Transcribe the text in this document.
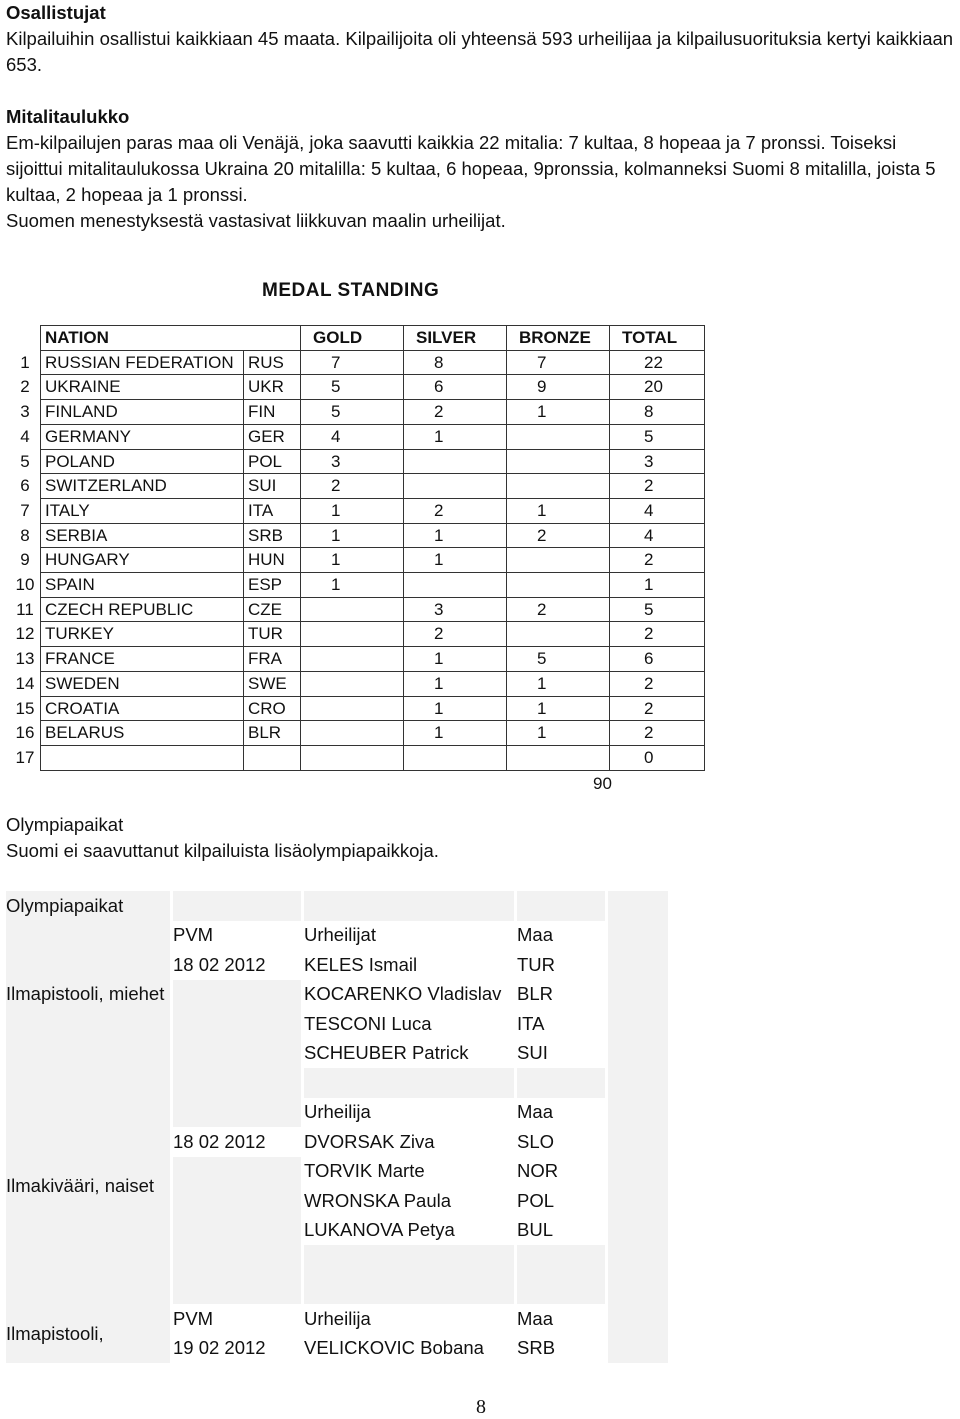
Osallistujat

Kilpailuihin osallistui kaikkiaan 45 maata. Kilpailijoita oli yhteensä 593 urheilijaa ja kilpailusuorituksia kertyi kaikkiaan 653.

Mitalitaulukko

Em-kilpailujen paras maa oli Venäjä, joka saavutti kaikkia 22 mitalia: 7 kultaa, 8 hopeaa ja 7 pronssi. Toiseksi sijoittui mitalitaulukossa Ukraina 20 mitalilla: 5 kultaa, 6 hopeaa, 9pronssia, kolmanneksi Suomi 8 mitalilla, joista 5 kultaa, 2 hopeaa ja 1 pronssi.

Suomen menestyksestä vastasivat liikkuvan maalin urheilijat.

MEDAL STANDING
	NATION		GOLD	SILVER	BRONZE	TOTAL
1	RUSSIAN FEDERATION	RUS	7	8	7	22
2	UKRAINE	UKR	5	6	9	20
3	FINLAND	FIN	5	2	1	8
4	GERMANY	GER	4	1		5
5	POLAND	POL	3			3
6	SWITZERLAND	SUI	2			2
7	ITALY	ITA	1	2	1	4
8	SERBIA	SRB	1	1	2	4
9	HUNGARY	HUN	1	1		2
10	SPAIN	ESP	1			1
11	CZECH REPUBLIC	CZE		3	2	5
12	TURKEY	TUR		2		2
13	FRANCE	FRA		1	5	6
14	SWEDEN	SWE		1	1	2
15	CROATIA	CRO		1	1	2
16	BELARUS	BLR		1	1	2
17						0
90

Olympiapaikat

Suomi ei saavuttanut kilpailuista lisäolympiapaikkoja.

Olympiapaikat				
Ilmapistooli, miehet	PVM	Urheilijat	Maa	
	18 02 2012	KELES Ismail	TUR	
		KOCARENKO Vladislav	BLR	
		TESCONI Luca	ITA	
		SCHEUBER Patrick	SUI	

Ilmakivääri, naiset		Urheilija	Maa	
	18 02 2012	DVORSAK Ziva	SLO	
		TORVIK Marte	NOR	
		WRONSKA Paula	POL	
		LUKANOVA Petya	BUL	

Ilmapistooli,	PVM	Urheilija	Maa	
	19 02 2012	VELICKOVIC Bobana	SRB	
8
